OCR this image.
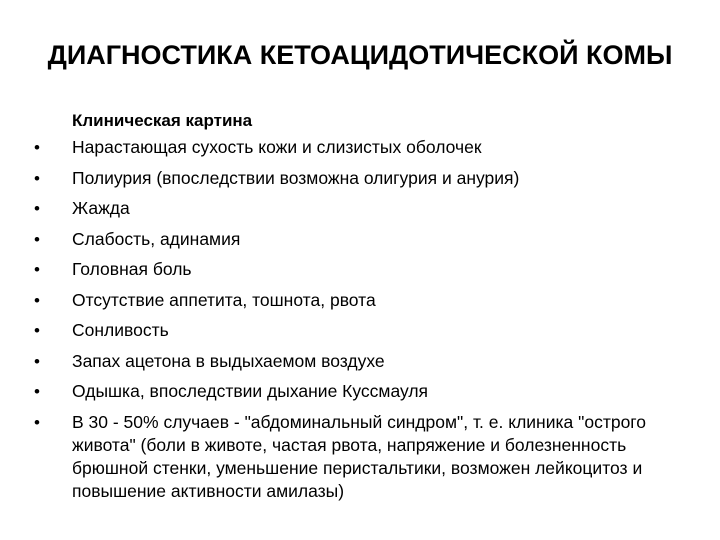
ДИАГНОСТИКА КЕТОАЦИДОТИЧЕСКОЙ КОМЫ
Клиническая картина
•	Нарастающая сухость кожи и слизистых оболочек
•	Полиурия (впоследствии возможна олигурия и анурия)
•	Жажда
•	Слабость, адинамия
•	Головная боль
•	Отсутствие аппетита, тошнота, рвота
•	Сонливость
•	Запах ацетона в выдыхаемом воздухе
•	Одышка, впоследствии дыхание Куссмауля
•	В 30 - 50% случаев - "абдоминальный синдром", т. е. клиника "острого живота" (боли в животе, частая рвота, напряжение и болезненность брюшной стенки, уменьшение перистальтики, возможен лейкоцитоз и повышение активности амилазы)
